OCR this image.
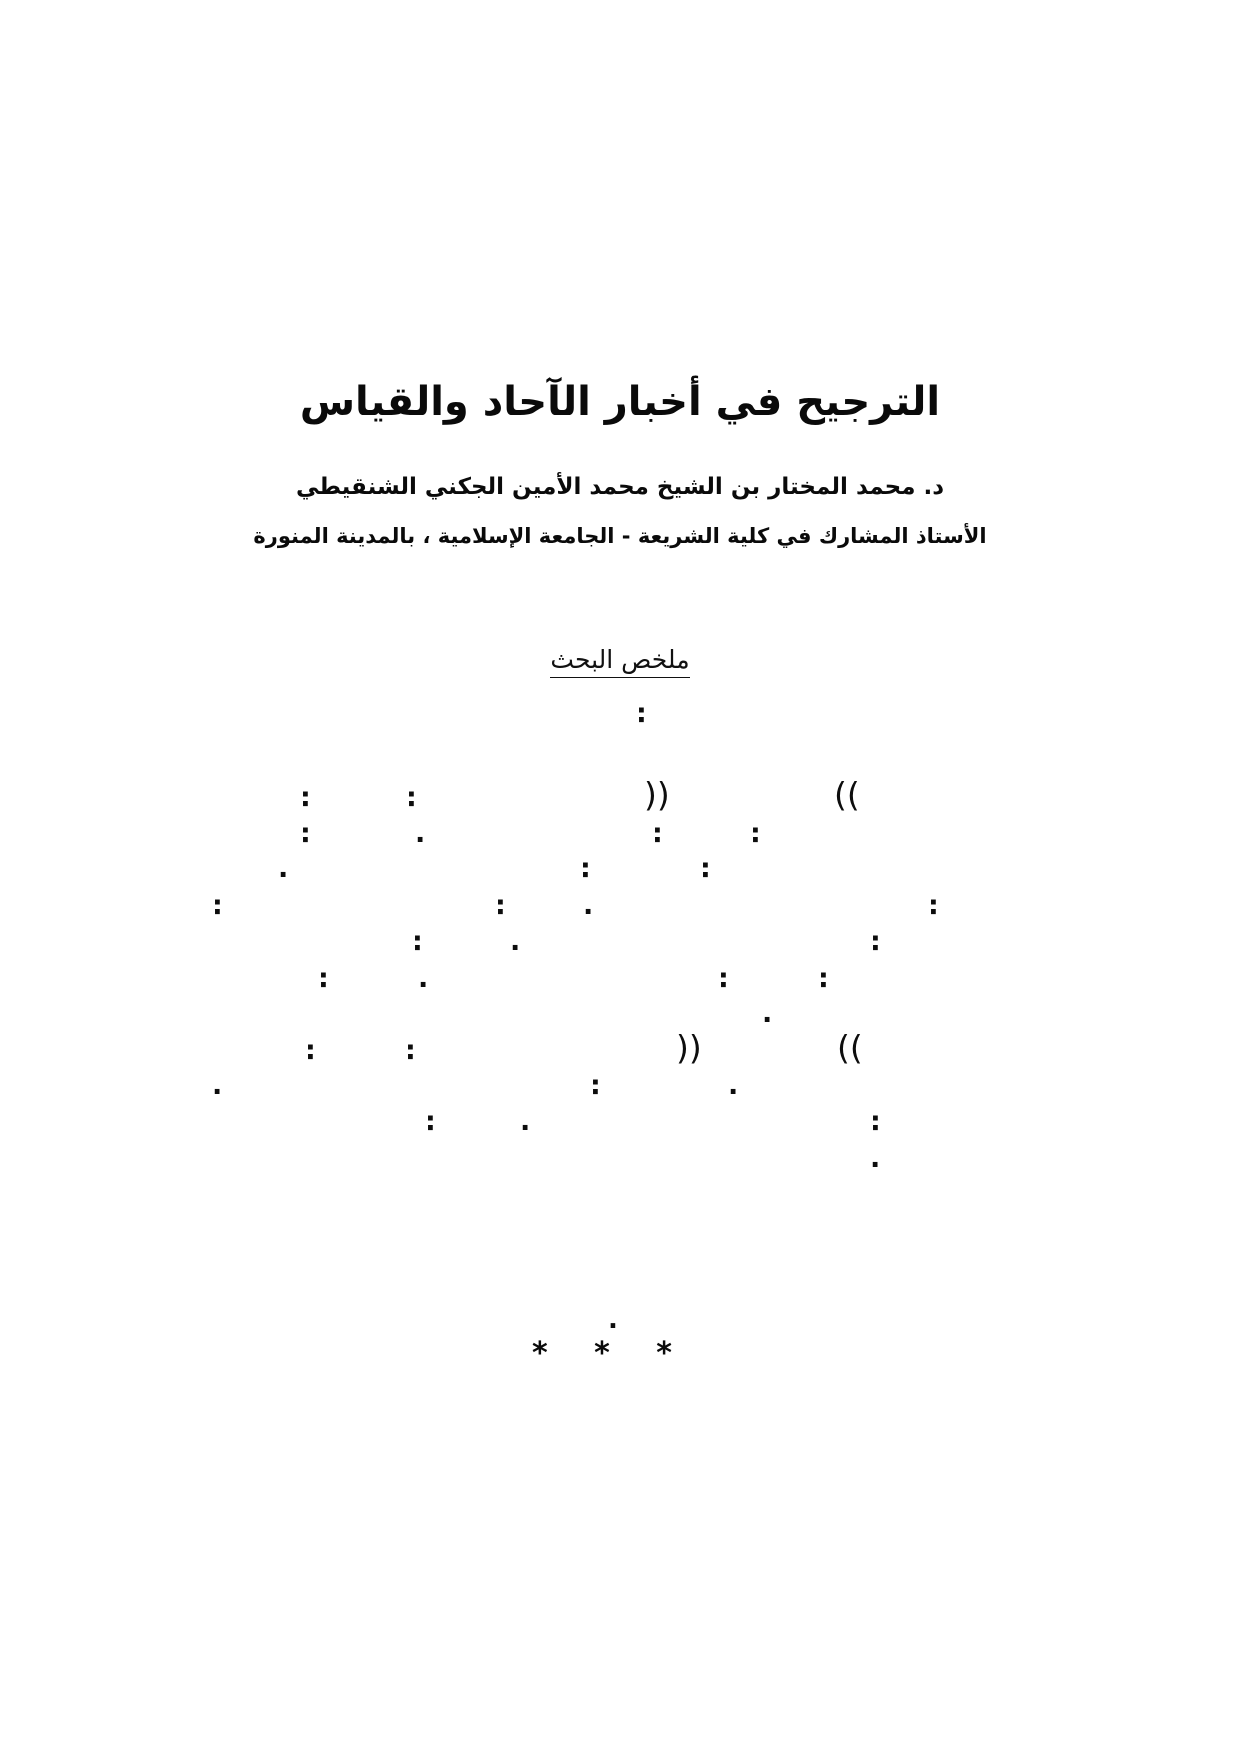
الترجيح في أخبار الآحاد والقياس
د. محمد المختار بن الشيخ محمد الأمين الجكني الشنقيطي
الأستاذ المشارك في كلية الشريعة - الجامعة الإسلامية ، بالمدينة المنورة
ملخص البحث
:
:	:	((	))
:	.	:	:
.	:	:
:	:	.	:
:	.	:
:	.	:	:
.
:	:	((	))
.	:	.
:	.	:
.
.
* * *
